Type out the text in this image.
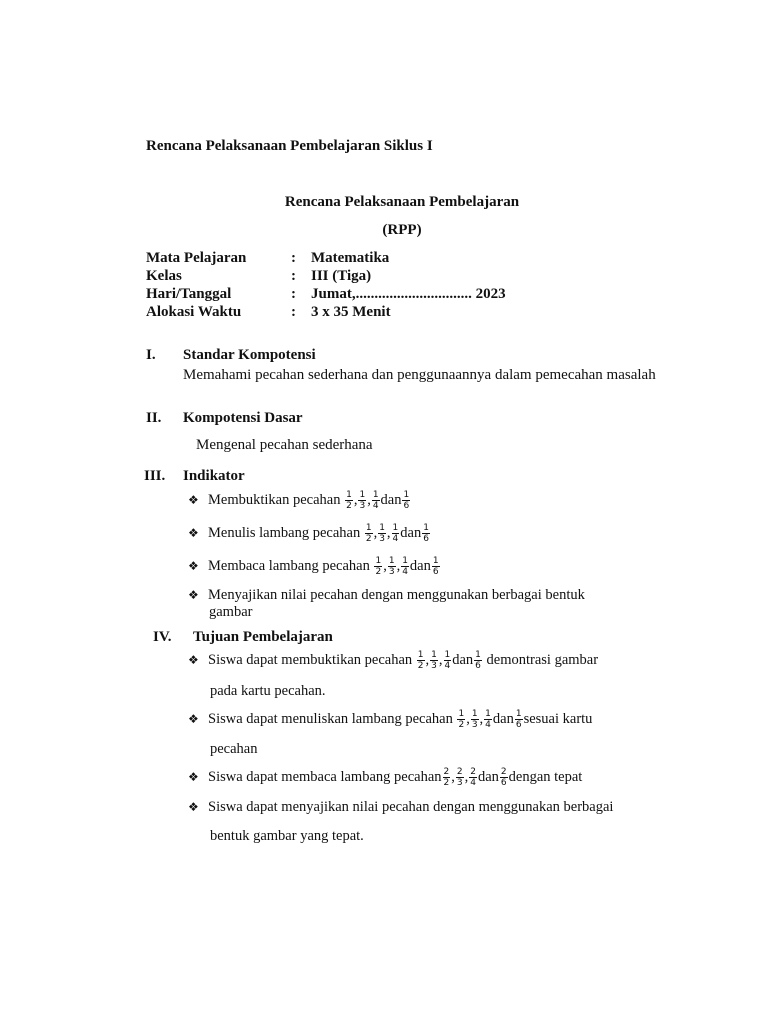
Rencana Pelaksanaan Pembelajaran Siklus I
Rencana Pelaksanaan Pembelajaran
(RPP)
Mata Pelajaran	:	Matematika
Kelas	:	III (Tiga)
Hari/Tanggal	:	Jumat,............................... 2023
Alokasi Waktu	:	3 x 35 Menit
I. Standar Kompotensi
Memahami pecahan sederhana dan penggunaannya dalam pemecahan masalah
II. Kompotensi Dasar
Mengenal pecahan sederhana
III. Indikator
❖ Membuktikan pecahan
$\frac{1}{2}$ , $\frac{1}{3}$ , $\frac{1}{4}$ dan $\frac{1}{6}$
❖ Menulis lambang pecahan
$\frac{1}{2}$ , $\frac{1}{3}$ , $\frac{1}{4}$ dan $\frac{1}{6}$
❖ Membaca lambang pecahan
$\frac{1}{2}$ , $\frac{1}{3}$ , $\frac{1}{4}$ dan $\frac{1}{6}$
❖ Menyajikan nilai pecahan dengan menggunakan berbagai bentuk
gambar
IV. Tujuan Pembelajaran
❖ Siswa dapat membuktikan pecahan
$\frac{1}{2}$ , $\frac{1}{3}$ , $\frac{1}{4}$ dan $\frac{1}{6}$
demontrasi gambar
pada kartu pecahan.
❖ Siswa dapat menuliskan lambang pecahan
$\frac{1}{2}$ , $\frac{1}{3}$ , $\frac{1}{4}$ dan $\frac{1}{6}$ sesuai kartu
pecahan
❖ Siswa dapat membaca lambang pecahan $\frac{2}{2}$ , $\frac{2}{3}$ , $\frac{2}{4}$ dan $\frac{2}{6}$ dengan tepat
❖ Siswa dapat menyajikan nilai pecahan dengan menggunakan berbagai
bentuk gambar yang tepat.
